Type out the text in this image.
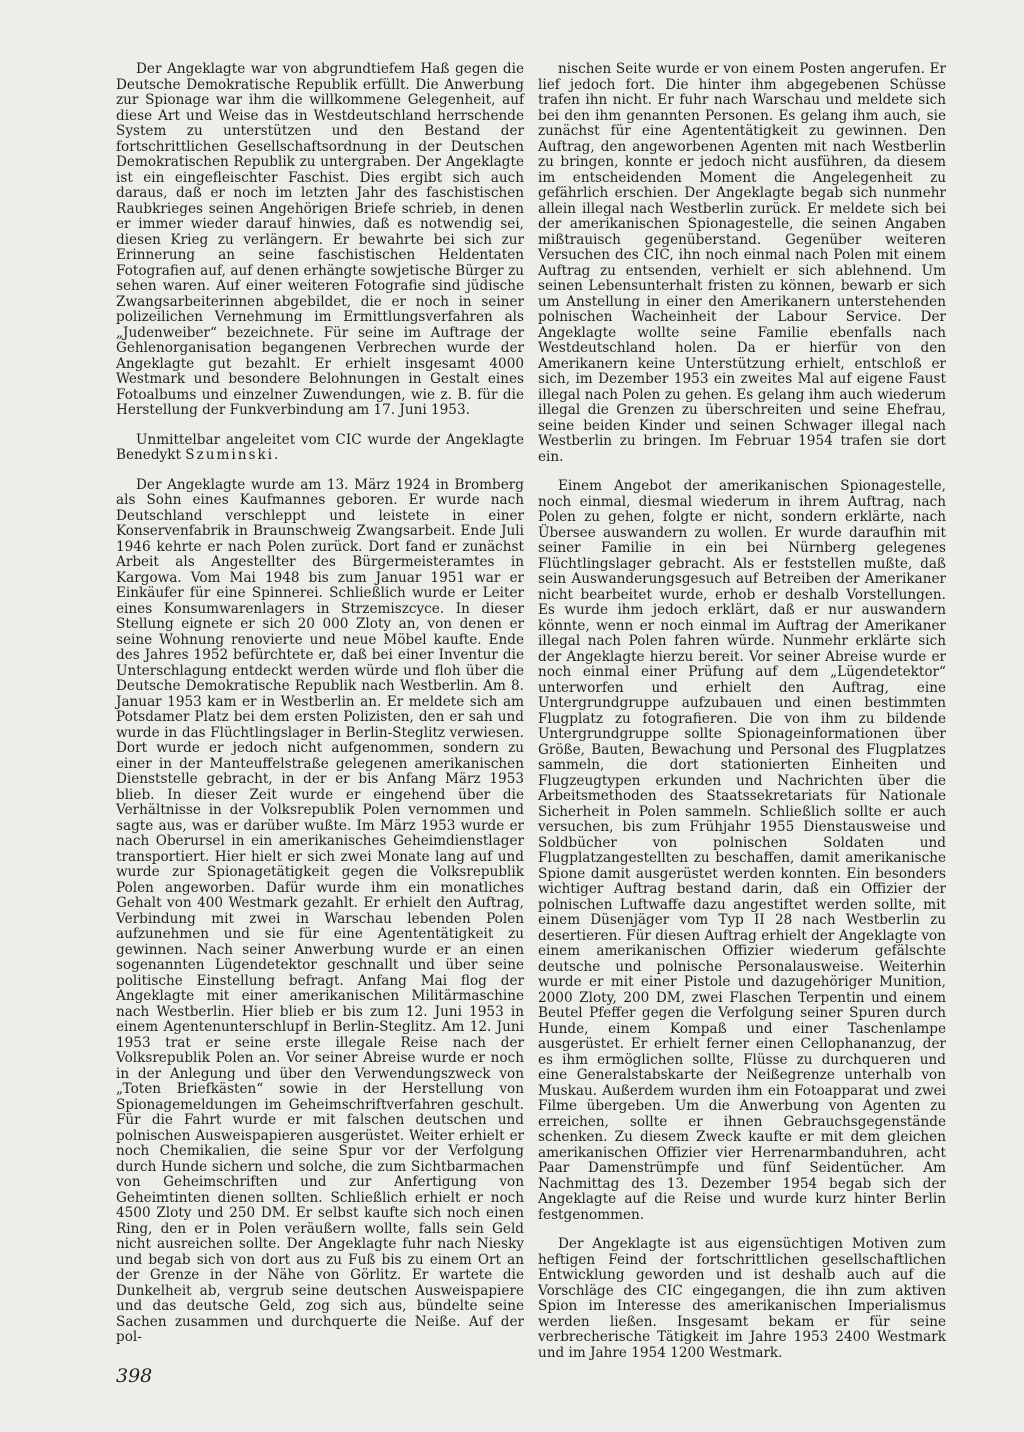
Der Angeklagte war von abgrundtiefem Haß gegen die Deutsche Demokratische Republik erfüllt. Die Anwerbung zur Spionage war ihm die willkommene Gelegenheit, auf diese Art und Weise das in Westdeutschland herrschende System zu unterstützen und den Bestand der fortschrittlichen Gesellschaftsordnung in der Deutschen Demokratischen Republik zu untergraben. Der Angeklagte ist ein eingefleischter Faschist. Dies ergibt sich auch daraus, daß er noch im letzten Jahr des faschistischen Raubkrieges seinen Angehörigen Briefe schrieb, in denen er immer wieder darauf hinwies, daß es notwendig sei, diesen Krieg zu verlängern. Er bewahrte bei sich zur Erinnerung an seine faschistischen Heldentaten Fotografien auf, auf denen erhängte sowjetische Bürger zu sehen waren. Auf einer weiteren Fotografie sind jüdische Zwangsarbeiterinnen abgebildet, die er noch in seiner polizeilichen Vernehmung im Ermittlungsverfahren als „Judenweiber“ bezeichnete. Für seine im Auftrage der Gehlenorganisation begangenen Verbrechen wurde der Angeklagte gut bezahlt. Er erhielt insgesamt 4000 Westmark und besondere Belohnungen in Gestalt eines Fotoalbums und einzelner Zuwendungen, wie z. B. für die Herstellung der Funkverbindung am 17. Juni 1953.

Unmittelbar angeleitet vom CIC wurde der Angeklagte Benedykt Szuminski.

Der Angeklagte wurde am 13. März 1924 in Bromberg als Sohn eines Kaufmannes geboren. Er wurde nach Deutschland verschleppt und leistete in einer Konservenfabrik in Braunschweig Zwangsarbeit. Ende Juli 1946 kehrte er nach Polen zurück. Dort fand er zunächst Arbeit als Angestellter des Bürgermeisteramtes in Kargowa. Vom Mai 1948 bis zum Januar 1951 war er Einkäufer für eine Spinnerei. Schließlich wurde er Leiter eines Konsumwarenlagers in Strzemiszcyce. In dieser Stellung eignete er sich 20 000 Zloty an, von denen er seine Wohnung renovierte und neue Möbel kaufte. Ende des Jahres 1952 befürchtete er, daß bei einer Inventur die Unterschlagung entdeckt werden würde und floh über die Deutsche Demokratische Republik nach Westberlin. Am 8. Januar 1953 kam er in Westberlin an. Er meldete sich am Potsdamer Platz bei dem ersten Polizisten, den er sah und wurde in das Flüchtlingslager in Berlin-Steglitz verwiesen. Dort wurde er jedoch nicht aufgenommen, sondern zu einer in der Manteuffelstraße gelegenen amerikanischen Dienststelle gebracht, in der er bis Anfang März 1953 blieb. In dieser Zeit wurde er eingehend über die Verhältnisse in der Volksrepublik Polen vernommen und sagte aus, was er darüber wußte. Im März 1953 wurde er nach Oberursel in ein amerikanisches Geheimdienstlager transportiert. Hier hielt er sich zwei Monate lang auf und wurde zur Spionagetätigkeit gegen die Volksrepublik Polen angeworben. Dafür wurde ihm ein monatliches Gehalt von 400 Westmark gezahlt. Er erhielt den Auftrag, Verbindung mit zwei in Warschau lebenden Polen aufzunehmen und sie für eine Agententätigkeit zu gewinnen. Nach seiner Anwerbung wurde er an einen sogenannten Lügendetektor geschnallt und über seine politische Einstellung befragt. Anfang Mai flog der Angeklagte mit einer amerikanischen Militärmaschine nach Westberlin. Hier blieb er bis zum 12. Juni 1953 in einem Agentenunterschlupf in Berlin-Steglitz. Am 12. Juni 1953 trat er seine erste illegale Reise nach der Volksrepublik Polen an. Vor seiner Abreise wurde er noch in der Anlegung und über den Verwendungszweck von „Toten Briefkästen“ sowie in der Herstellung von Spionagemeldungen im Geheimschriftverfahren geschult. Für die Fahrt wurde er mit falschen deutschen und polnischen Ausweispapieren ausgerüstet. Weiter erhielt er noch Chemikalien, die seine Spur vor der Verfolgung durch Hunde sichern und solche, die zum Sichtbarmachen von Geheimschriften und zur Anfertigung von Geheimtinten dienen sollten. Schließlich erhielt er noch 4500 Zloty und 250 DM. Er selbst kaufte sich noch einen Ring, den er in Polen veräußern wollte, falls sein Geld nicht ausreichen sollte. Der Angeklagte fuhr nach Niesky und begab sich von dort aus zu Fuß bis zu einem Ort an der Grenze in der Nähe von Görlitz. Er wartete die Dunkelheit ab, vergrub seine deutschen Ausweispapiere und das deutsche Geld, zog sich aus, bündelte seine Sachen zusammen und durchquerte die Neiße. Auf der pol-

nischen Seite wurde er von einem Posten angerufen. Er lief jedoch fort. Die hinter ihm abgegebenen Schüsse trafen ihn nicht. Er fuhr nach Warschau und meldete sich bei den ihm genannten Personen. Es gelang ihm auch, sie zunächst für eine Agententätigkeit zu gewinnen. Den Auftrag, den angeworbenen Agenten mit nach Westberlin zu bringen, konnte er jedoch nicht ausführen, da diesem im entscheidenden Moment die Angelegenheit zu gefährlich erschien. Der Angeklagte begab sich nunmehr allein illegal nach Westberlin zurück. Er meldete sich bei der amerikanischen Spionagestelle, die seinen Angaben mißtrauisch gegenüberstand. Gegenüber weiteren Versuchen des CIC, ihn noch einmal nach Polen mit einem Auftrag zu entsenden, verhielt er sich ablehnend. Um seinen Lebensunterhalt fristen zu können, bewarb er sich um Anstellung in einer den Amerikanern unterstehenden polnischen Wacheinheit der Labour Service. Der Angeklagte wollte seine Familie ebenfalls nach Westdeutschland holen. Da er hierfür von den Amerikanern keine Unterstützung erhielt, entschloß er sich, im Dezember 1953 ein zweites Mal auf eigene Faust illegal nach Polen zu gehen. Es gelang ihm auch wiederum illegal die Grenzen zu überschreiten und seine Ehefrau, seine beiden Kinder und seinen Schwager illegal nach Westberlin zu bringen. Im Februar 1954 trafen sie dort ein.

Einem Angebot der amerikanischen Spionagestelle, noch einmal, diesmal wiederum in ihrem Auftrag, nach Polen zu gehen, folgte er nicht, sondern erklärte, nach Übersee auswandern zu wollen. Er wurde daraufhin mit seiner Familie in ein bei Nürnberg gelegenes Flüchtlingslager gebracht. Als er feststellen mußte, daß sein Auswanderungsgesuch auf Betreiben der Amerikaner nicht bearbeitet wurde, erhob er deshalb Vorstellungen. Es wurde ihm jedoch erklärt, daß er nur auswandern könnte, wenn er noch einmal im Auftrag der Amerikaner illegal nach Polen fahren würde. Nunmehr erklärte sich der Angeklagte hierzu bereit. Vor seiner Abreise wurde er noch einmal einer Prüfung auf dem „Lügendetektor“ unterworfen und erhielt den Auftrag, eine Untergrundgruppe aufzubauen und einen bestimmten Flugplatz zu fotografieren. Die von ihm zu bildende Untergrundgruppe sollte Spionageinformationen über Größe, Bauten, Bewachung und Personal des Flugplatzes sammeln, die dort stationierten Einheiten und Flugzeugtypen erkunden und Nachrichten über die Arbeitsmethoden des Staatssekretariats für Nationale Sicherheit in Polen sammeln. Schließlich sollte er auch versuchen, bis zum Frühjahr 1955 Dienstausweise und Soldbücher von polnischen Soldaten und Flugplatzangestellten zu beschaffen, damit amerikanische Spione damit ausgerüstet werden konnten. Ein besonders wichtiger Auftrag bestand darin, daß ein Offizier der polnischen Luftwaffe dazu angestiftet werden sollte, mit einem Düsenjäger vom Typ II 28 nach Westberlin zu desertieren. Für diesen Auftrag erhielt der Angeklagte von einem amerikanischen Offizier wiederum gefälschte deutsche und polnische Personalausweise. Weiterhin wurde er mit einer Pistole und dazugehöriger Munition, 2000 Zloty, 200 DM, zwei Flaschen Terpentin und einem Beutel Pfeffer gegen die Verfolgung seiner Spuren durch Hunde, einem Kompaß und einer Taschenlampe ausgerüstet. Er erhielt ferner einen Cellophananzug, der es ihm ermöglichen sollte, Flüsse zu durchqueren und eine Generalstabskarte der Neißegrenze unterhalb von Muskau. Außerdem wurden ihm ein Fotoapparat und zwei Filme übergeben. Um die Anwerbung von Agenten zu erreichen, sollte er ihnen Gebrauchsgegenstände schenken. Zu diesem Zweck kaufte er mit dem gleichen amerikanischen Offizier vier Herrenarmbanduhren, acht Paar Damenstrümpfe und fünf Seidentücher. Am Nachmittag des 13. Dezember 1954 begab sich der Angeklagte auf die Reise und wurde kurz hinter Berlin festgenommen.

Der Angeklagte ist aus eigensüchtigen Motiven zum heftigen Feind der fortschrittlichen gesellschaftlichen Entwicklung geworden und ist deshalb auch auf die Vorschläge des CIC eingegangen, die ihn zum aktiven Spion im Interesse des amerikanischen Imperialismus werden ließen. Insgesamt bekam er für seine verbrecherische Tätigkeit im Jahre 1953 2400 Westmark und im Jahre 1954 1200 Westmark.

398
